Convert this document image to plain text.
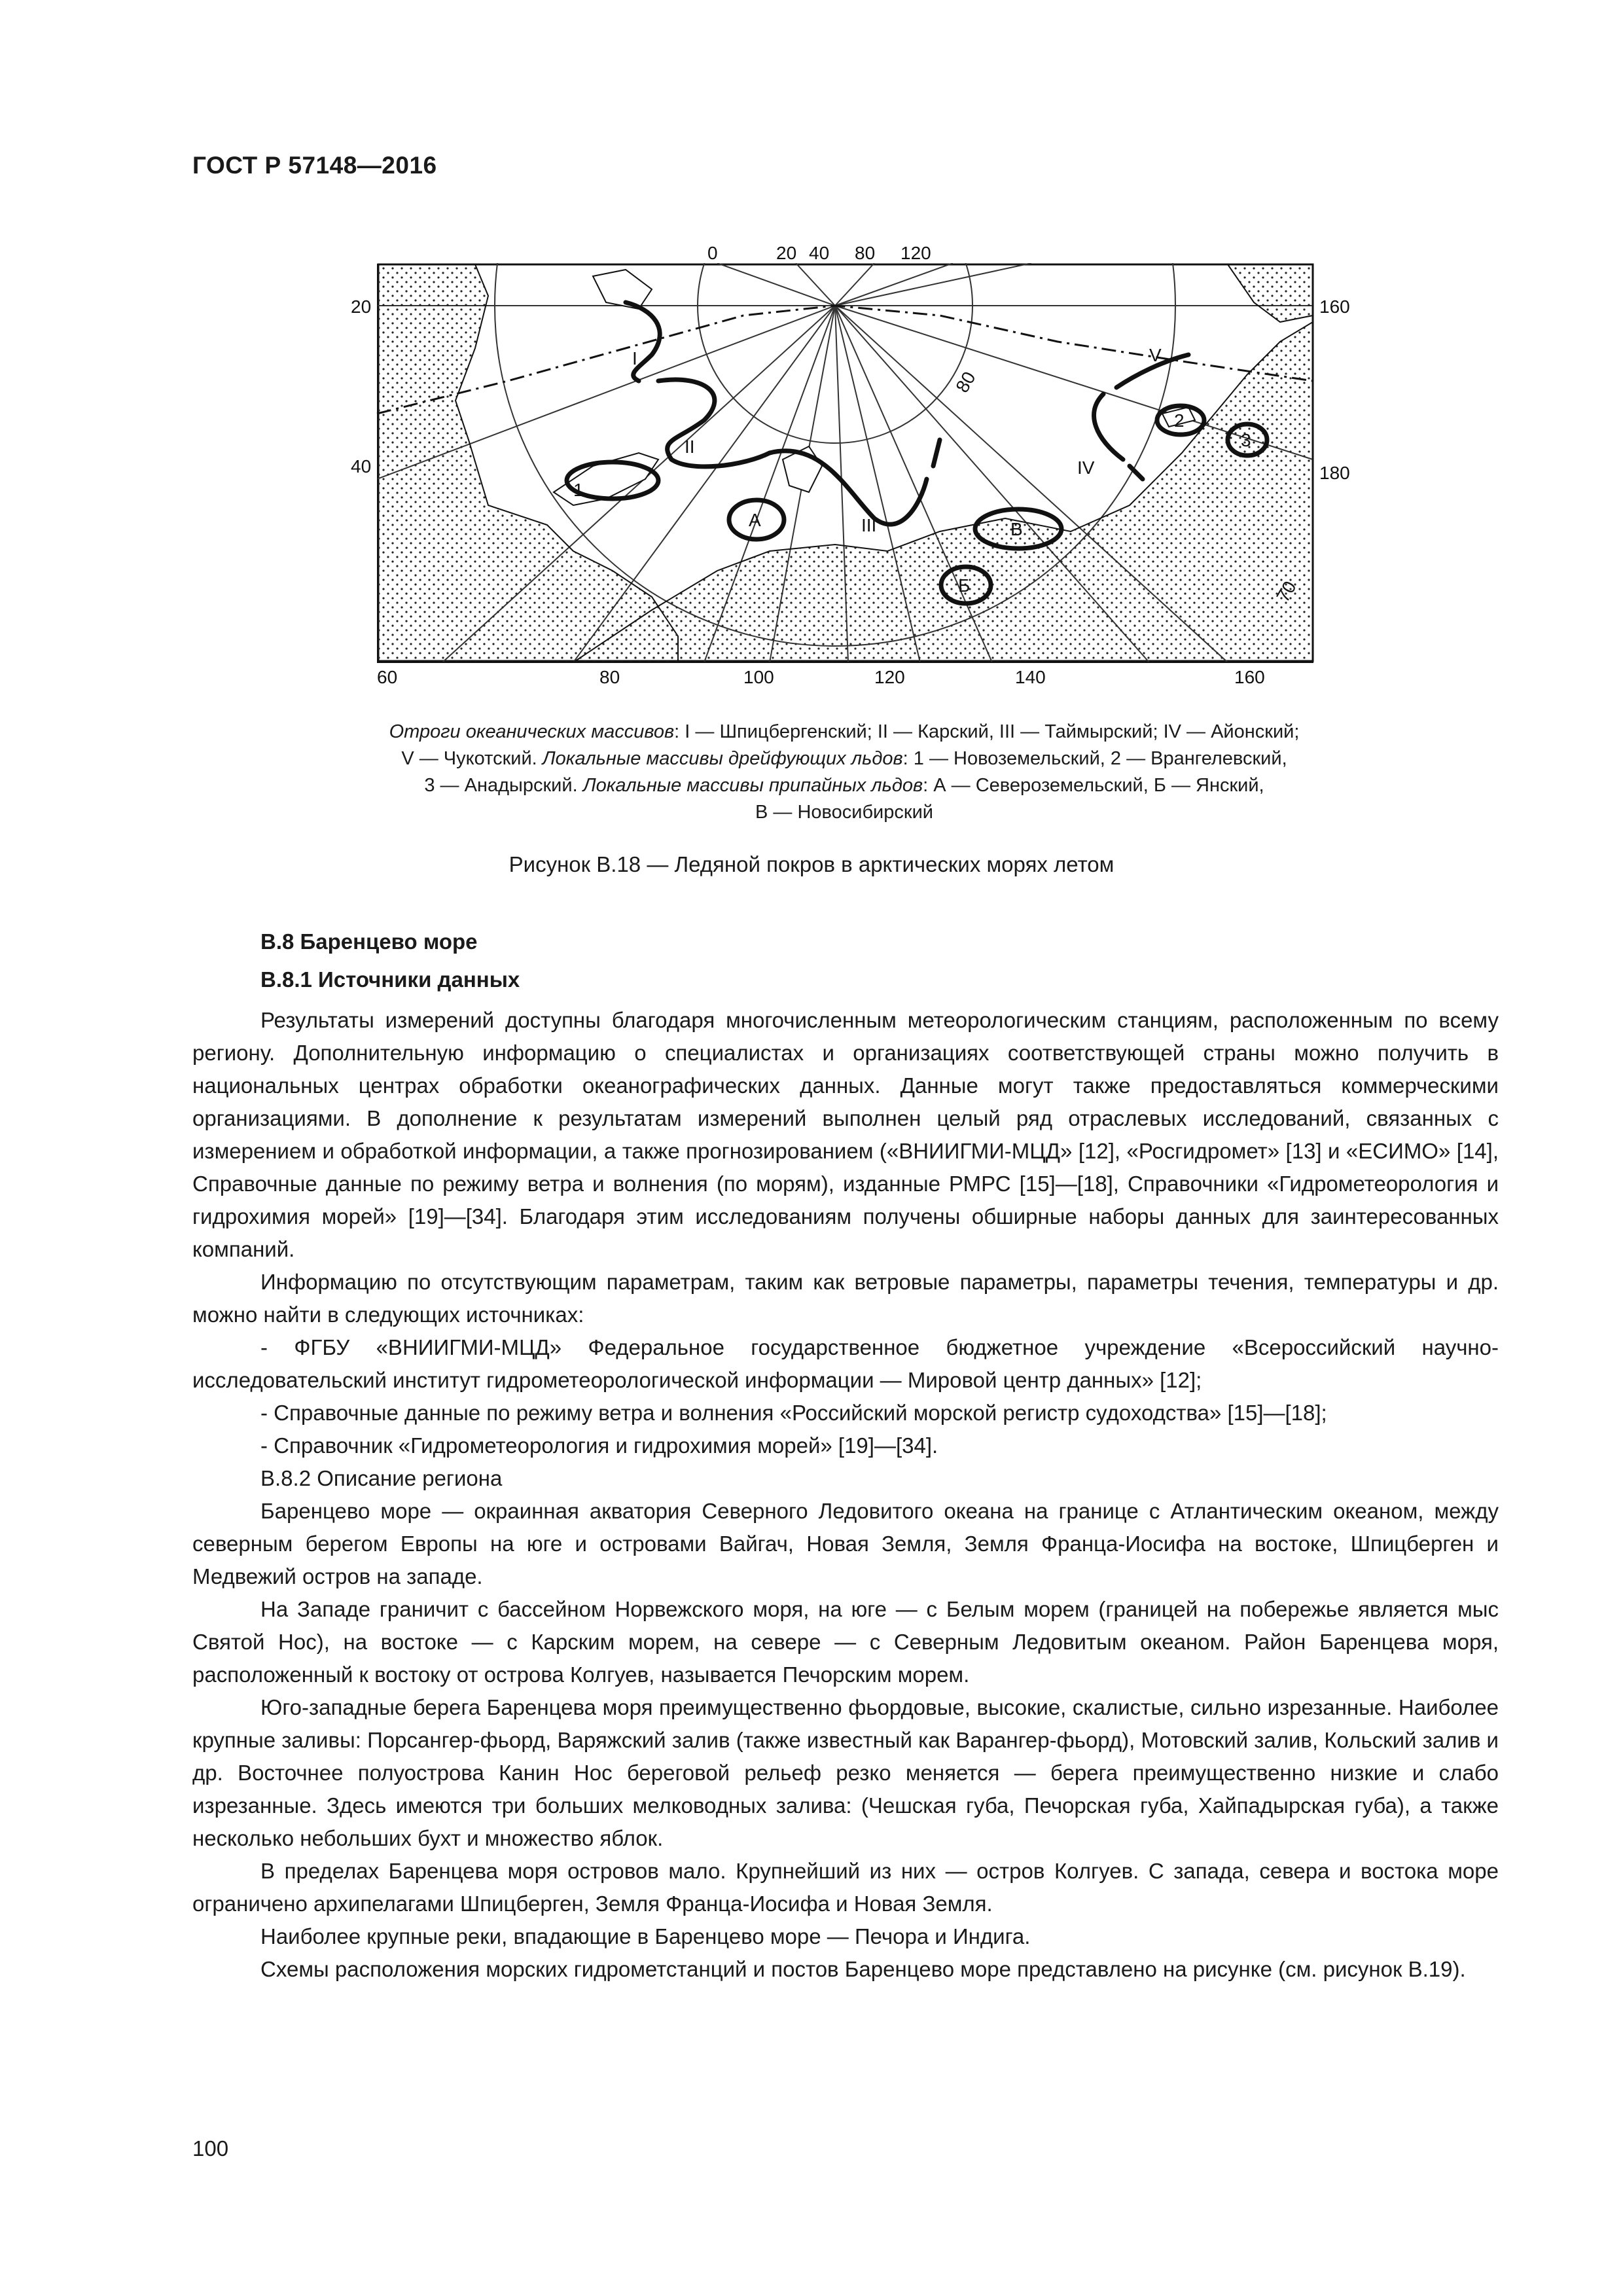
ГОСТ Р 57148—2016
0	20 40 80 120
20
40
160
180
60	80	100	120	140	160
80
70
I
II
III
IV
V
1
2
3
А
Б
В
Отроги океанических массивов: I — Шпицбергенский; II — Карский, III — Таймырский; IV — Айонский;
V — Чукотский. Локальные массивы дрейфующих льдов: 1 — Новоземельский, 2 — Врангелевский,
3 — Анадырский. Локальные массивы припайных льдов: А — Североземельский, Б — Янский,
В — Новосибирский
Рисунок В.18 — Ледяной покров в арктических морях летом
В.8 Баренцево море
В.8.1 Источники данных

Результаты измерений доступны благодаря многочисленным метеорологическим станциям, расположенным по всему региону. Дополнительную информацию о специалистах и организациях соответствующей страны можно получить в национальных центрах обработки океанографических данных. Данные могут также предоставляться коммерческими организациями. В дополнение к результатам измерений выполнен целый ряд отраслевых исследований, связанных с измерением и обработкой информации, а также прогнозированием («ВНИИГМИ-МЦД» [12], «Росгидромет» [13] и «ЕСИМО» [14], Справочные данные по режиму ветра и волнения (по морям), изданные РМРС [15]—[18], Справочники «Гидрометеорология и гидрохимия морей» [19]—[34]. Благодаря этим исследованиям получены обширные наборы данных для заинтересованных компаний.

Информацию по отсутствующим параметрам, таким как ветровые параметры, параметры течения, температуры и др. можно найти в следующих источниках:

- ФГБУ «ВНИИГМИ-МЦД» Федеральное государственное бюджетное учреждение «Всероссийский научно-исследовательский институт гидрометеорологической информации — Мировой центр данных» [12];

- Справочные данные по режиму ветра и волнения «Российский морской регистр судоходства» [15]—[18];

- Справочник «Гидрометеорология и гидрохимия морей» [19]—[34].

В.8.2 Описание региона

Баренцево море — окраинная акватория Северного Ледовитого океана на границе с Атлантическим океаном, между северным берегом Европы на юге и островами Вайгач, Новая Земля, Земля Франца-Иосифа на востоке, Шпицберген и Медвежий остров на западе.

На Западе граничит с бассейном Норвежского моря, на юге — с Белым морем (границей на побережье является мыс Святой Нос), на востоке — с Карским морем, на севере — с Северным Ледовитым океаном. Район Баренцева моря, расположенный к востоку от острова Колгуев, называется Печорским морем.

Юго-западные берега Баренцева моря преимущественно фьордовые, высокие, скалистые, сильно изрезанные. Наиболее крупные заливы: Порсангер-фьорд, Варяжский залив (также известный как Варангер-фьорд), Мотовский залив, Кольский залив и др. Восточнее полуострова Канин Нос береговой рельеф резко меняется — берега преимущественно низкие и слабо изрезанные. Здесь имеются три больших мелководных залива: (Чешская губа, Печорская губа, Хайпадырская губа), а также несколько небольших бухт и множество яблок.

В пределах Баренцева моря островов мало. Крупнейший из них — остров Колгуев. С запада, севера и востока море ограничено архипелагами Шпицберген, Земля Франца-Иосифа и Новая Земля.

Наиболее крупные реки, впадающие в Баренцево море — Печора и Индига.

Схемы расположения морских гидрометстанций и постов Баренцево море представлено на рисунке (см. рисунок В.19).

100
